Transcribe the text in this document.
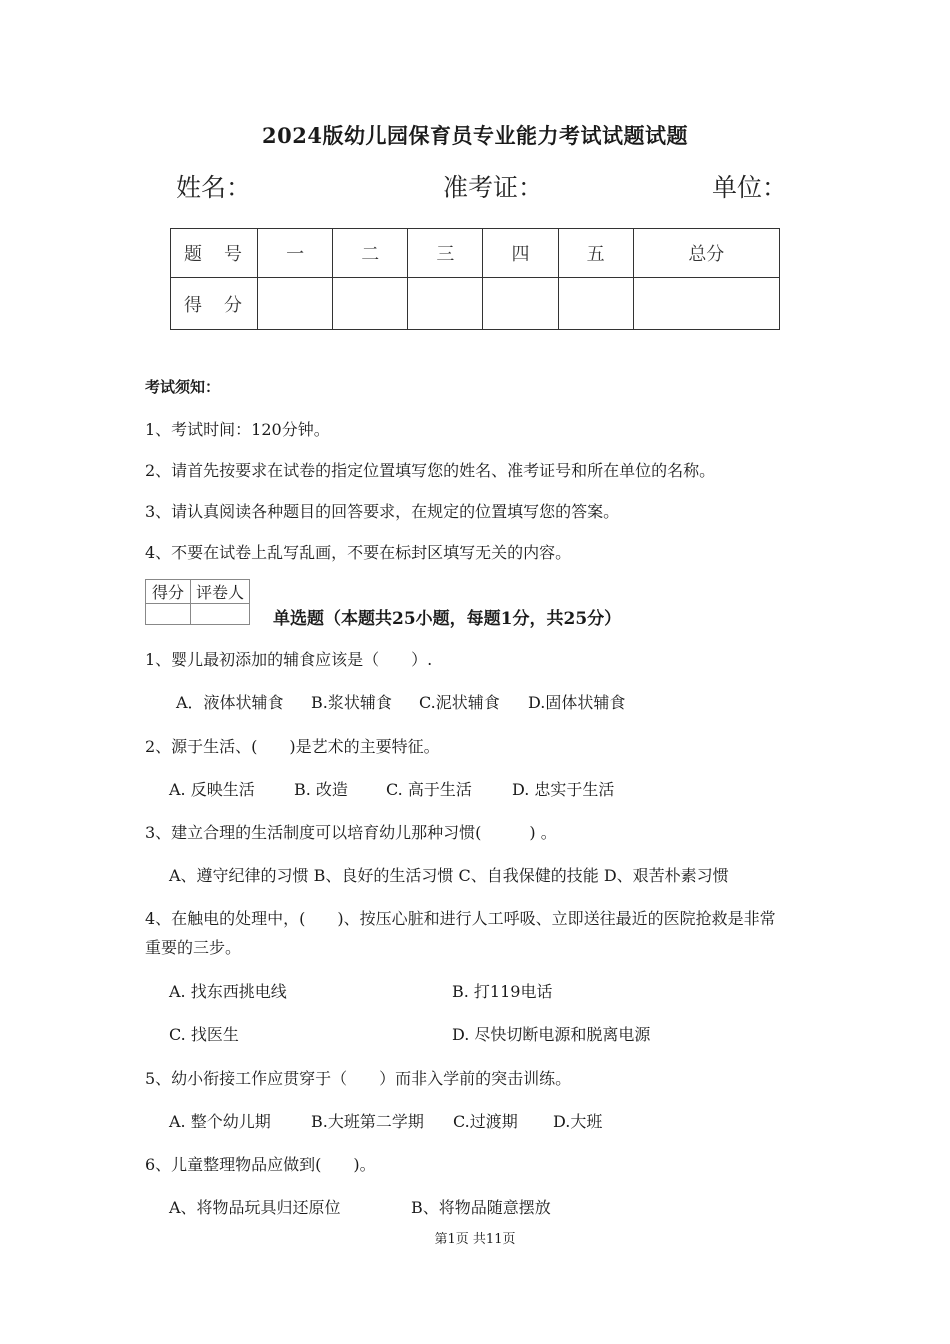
2024版幼儿园保育员专业能力考试试题试题
姓名：	准考证：	单位：
题　号	一	二	三	四	五	总分
得　分						
考试须知：
1、考试时间：120分钟。
2、请首先按要求在试卷的指定位置填写您的姓名、准考证号和所在单位的名称。
3、请认真阅读各种题目的回答要求，在规定的位置填写您的答案。
4、不要在试卷上乱写乱画，不要在标封区填写无关的内容。
得分	评卷人

单选题（本题共25小题，每题1分，共25分）
1、婴儿最初添加的辅食应该是（　　）.
A．液体状辅食 B.浆状辅食 C.泥状辅食 D.固体状辅食
2、源于生活、(　　)是艺术的主要特征。
A. 反映生活 B. 改造 C. 高于生活	D. 忠实于生活
3、建立合理的生活制度可以培育幼儿那种习惯(　　　) 。
A、遵守纪律的习惯 B、良好的生活习惯 C、自我保健的技能 D、艰苦朴素习惯
4、在触电的处理中，(　　)、按压心脏和进行人工呼吸、立即送往最近的医院抢救是非常
重要的三步。
A. 找东西挑电线	B. 打119电话
C. 找医生	D. 尽快切断电源和脱离电源
5、幼小衔接工作应贯穿于（　　）而非入学前的突击训练。
A. 整个幼儿期	B.大班第二学期 C.过渡期 D.大班
6、儿童整理物品应做到(　　)。
A、将物品玩具归还原位	B、将物品随意摆放
第1页 共11页
